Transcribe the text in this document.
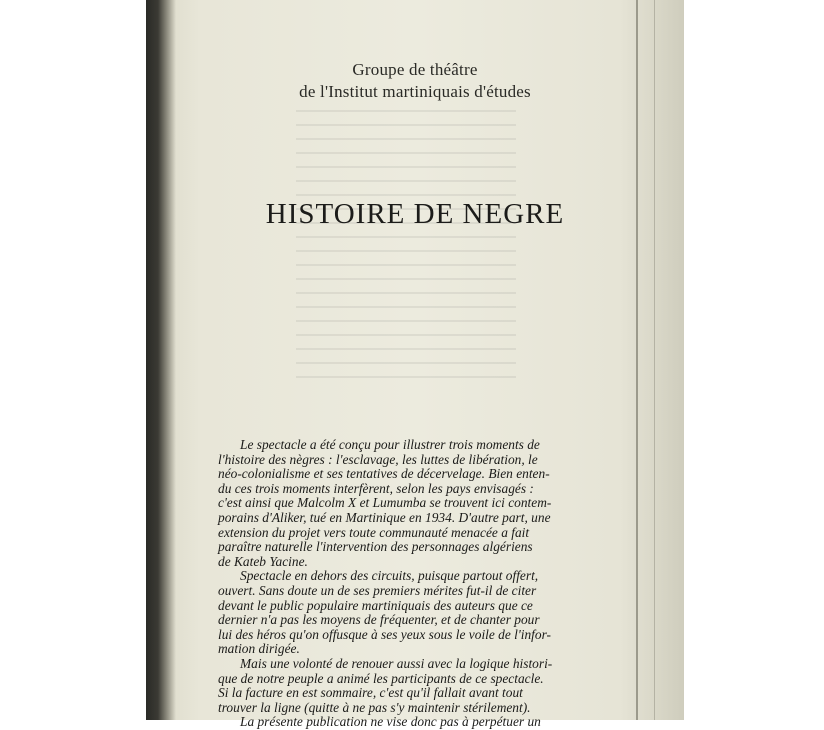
Groupe de théâtre
de l'Institut martiniquais d'études
HISTOIRE DE NEGRE
Le spectacle a été conçu pour illustrer trois moments de
l'histoire des nègres : l'esclavage, les luttes de libération, le
néo-colonialisme et ses tentatives de décervelage. Bien enten-
du ces trois moments interfèrent, selon les pays envisagés :
c'est ainsi que Malcolm X et Lumumba se trouvent ici contem-
porains d'Aliker, tué en Martinique en 1934. D'autre part, une
extension du projet vers toute communauté menacée a fait
paraître naturelle l'intervention des personnages algériens
de Kateb Yacine.
Spectacle en dehors des circuits, puisque partout offert,
ouvert. Sans doute un de ses premiers mérites fut-il de citer
devant le public populaire martiniquais des auteurs que ce
dernier n'a pas les moyens de fréquenter, et de chanter pour
lui des héros qu'on offusque à ses yeux sous le voile de l'infor-
mation dirigée.
Mais une volonté de renouer aussi avec la logique histori-
que de notre peuple a animé les participants de ce spectacle.
Si la facture en est sommaire, c'est qu'il fallait avant tout
trouver la ligne (quitte à ne pas s'y maintenir stérilement).
La présente publication ne vise donc pas à perpétuer un
